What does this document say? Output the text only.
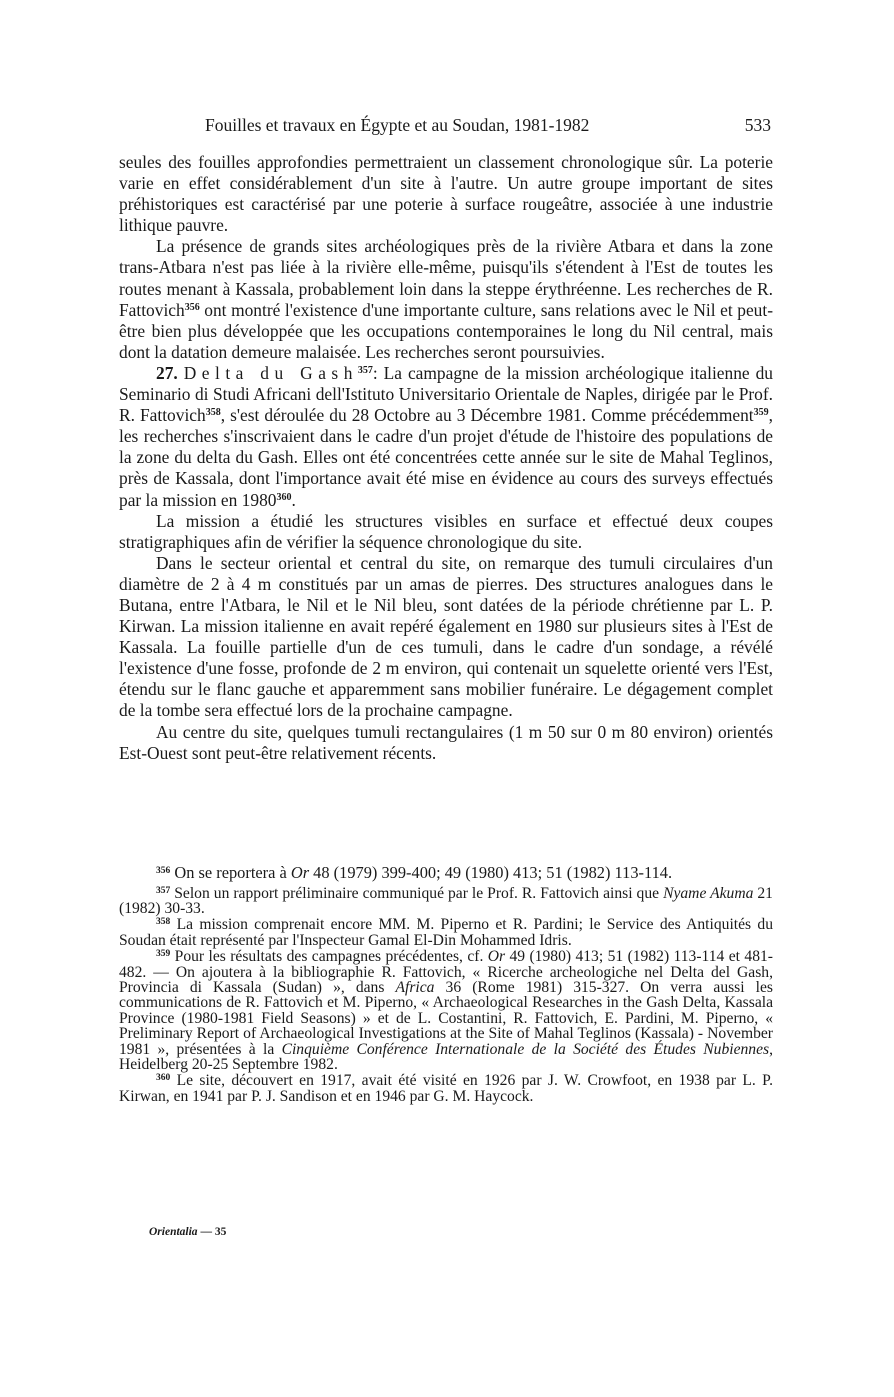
Fouilles et travaux en Égypte et au Soudan, 1981-1982	533

seules des fouilles approfondies permettraient un classement chronologique sûr. La poterie varie en effet considérablement d'un site à l'autre. Un autre groupe important de sites préhistoriques est caractérisé par une poterie à surface rougeâtre, associée à une industrie lithique pauvre.

La présence de grands sites archéologiques près de la rivière Atbara et dans la zone trans-Atbara n'est pas liée à la rivière elle-même, puisqu'ils s'étendent à l'Est de toutes les routes menant à Kassala, probablement loin dans la steppe érythréenne. Les recherches de R. Fattovich$^{356}$ ont montré l'existence d'une importante culture, sans relations avec le Nil et peut-être bien plus développée que les occupations contemporaines le long du Nil central, mais dont la datation demeure malaisée. Les recherches seront poursuivies.

27. Delta du Gash$^{357}$: La campagne de la mission archéologique italienne du Seminario di Studi Africani dell'Istituto Universitario Orientale de Naples, dirigée par le Prof. R. Fattovich$^{358}$, s'est déroulée du 28 Octobre au 3 Décembre 1981. Comme précédemment$^{359}$, les recherches s'inscrivaient dans le cadre d'un projet d'étude de l'histoire des populations de la zone du delta du Gash. Elles ont été concentrées cette année sur le site de Mahal Teglinos, près de Kassala, dont l'importance avait été mise en évidence au cours des surveys effectués par la mission en 1980$^{360}$.

La mission a étudié les structures visibles en surface et effectué deux coupes stratigraphiques afin de vérifier la séquence chronologique du site.

Dans le secteur oriental et central du site, on remarque des tumuli circulaires d'un diamètre de 2 à 4 m constitués par un amas de pierres. Des structures analogues dans le Butana, entre l'Atbara, le Nil et le Nil bleu, sont datées de la période chrétienne par L. P. Kirwan. La mission italienne en avait repéré également en 1980 sur plusieurs sites à l'Est de Kassala. La fouille partielle d'un de ces tumuli, dans le cadre d'un sondage, a révélé l'existence d'une fosse, profonde de 2 m environ, qui contenait un squelette orienté vers l'Est, étendu sur le flanc gauche et apparemment sans mobilier funéraire. Le dégagement complet de la tombe sera effectué lors de la prochaine campagne.

Au centre du site, quelques tumuli rectangulaires (1 m 50 sur 0 m 80 environ) orientés Est-Ouest sont peut-être relativement récents.

$^{356}$ On se reportera à Or 48 (1979) 399-400; 49 (1980) 413; 51 (1982) 113-114.

$^{357}$ Selon un rapport préliminaire communiqué par le Prof. R. Fattovich ainsi que Nyame Akuma 21 (1982) 30-33.

$^{358}$ La mission comprenait encore MM. M. Piperno et R. Pardini; le Service des Antiquités du Soudan était représenté par l'Inspecteur Gamal El-Din Mohammed Idris.

$^{359}$ Pour les résultats des campagnes précédentes, cf. Or 49 (1980) 413; 51 (1982) 113-114 et 481-482. — On ajoutera à la bibliographie R. Fattovich, « Ricerche archeologiche nel Delta del Gash, Provincia di Kassala (Sudan) », dans Africa 36 (Rome 1981) 315-327. On verra aussi les communications de R. Fattovich et M. Piperno, « Archaeological Researches in the Gash Delta, Kassala Province (1980-1981 Field Seasons) » et de L. Costantini, R. Fattovich, E. Pardini, M. Piperno, « Preliminary Report of Archaeological Investigations at the Site of Mahal Teglinos (Kassala) - November 1981 », présentées à la Cinquième Conférence Internationale de la Société des Études Nubiennes, Heidelberg 20-25 Septembre 1982.

$^{360}$ Le site, découvert en 1917, avait été visité en 1926 par J. W. Crowfoot, en 1938 par L. P. Kirwan, en 1941 par P. J. Sandison et en 1946 par G. M. Haycock.

Orientalia — 35
